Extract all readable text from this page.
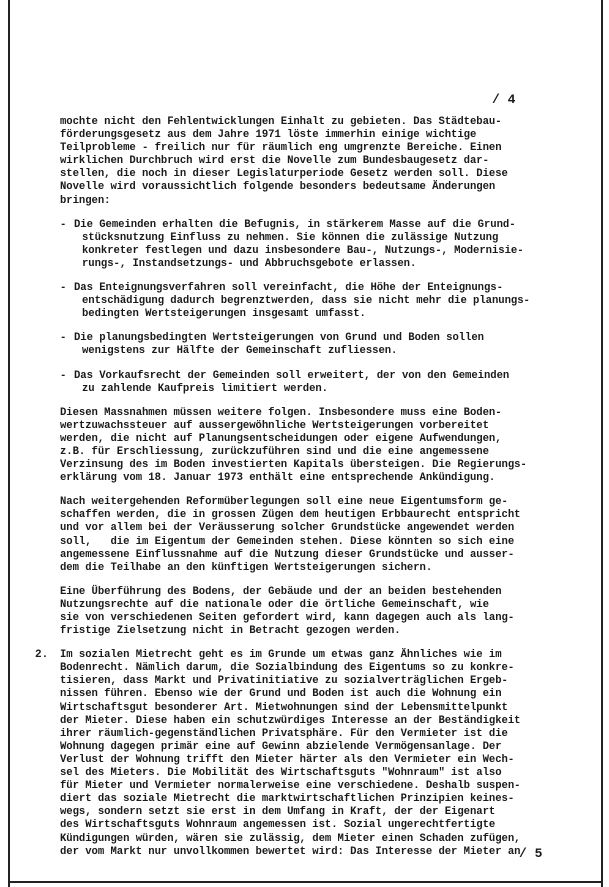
/ 4
mochte nicht den Fehlentwicklungen Einhalt zu gebieten. Das Städtebau-
förderungsgesetz aus dem Jahre 1971 löste immerhin einige wichtige
Teilprobleme - freilich nur für räumlich eng umgrenzte Bereiche. Einen
wirklichen Durchbruch wird erst die Novelle zum Bundesbaugesetz dar-
stellen, die noch in dieser Legislaturperiode Gesetz werden soll. Diese
Novelle wird voraussichtlich folgende besonders bedeutsame Änderungen
bringen:
- Die Gemeinden erhalten die Befugnis, in stärkerem Masse auf die Grund-
stücksnutzung Einfluss zu nehmen. Sie können die zulässige Nutzung
konkreter festlegen und dazu insbesondere Bau-, Nutzungs-, Modernisie-
rungs-, Instandsetzungs- und Abbruchsgebote erlassen.
- Das Enteignungsverfahren soll vereinfacht, die Höhe der Enteignungs-
entschädigung dadurch begrenztwerden, dass sie nicht mehr die planungs-
bedingten Wertsteigerungen insgesamt umfasst.
- Die planungsbedingten Wertsteigerungen von Grund und Boden sollen
wenigstens zur Hälfte der Gemeinschaft zufliessen.
- Das Vorkaufsrecht der Gemeinden soll erweitert, der von den Gemeinden
zu zahlende Kaufpreis limitiert werden.
Diesen Massnahmen müssen weitere folgen. Insbesondere muss eine Boden-
wertzuwachssteuer auf aussergewöhnliche Wertsteigerungen vorbereitet
werden, die nicht auf Planungsentscheidungen oder eigene Aufwendungen,
z.B. für Erschliessung, zurückzuführen sind und die eine angemessene
Verzinsung des im Boden investierten Kapitals übersteigen. Die Regierungs-
erklärung vom 18. Januar 1973 enthält eine entsprechende Ankündigung.
Nach weitergehenden Reformüberlegungen soll eine neue Eigentumsform ge-
schaffen werden, die in grossen Zügen dem heutigen Erbbaurecht entspricht
und vor allem bei der Veräusserung solcher Grundstücke angewendet werden
soll,   die im Eigentum der Gemeinden stehen. Diese könnten so sich eine
angemessene Einflussnahme auf die Nutzung dieser Grundstücke und ausser-
dem die Teilhabe an den künftigen Wertsteigerungen sichern.
Eine Überführung des Bodens, der Gebäude und der an beiden bestehenden
Nutzungsrechte auf die nationale oder die örtliche Gemeinschaft, wie
sie von verschiedenen Seiten gefordert wird, kann dagegen auch als lang-
fristige Zielsetzung nicht in Betracht gezogen werden.
2. Im sozialen Mietrecht geht es im Grunde um etwas ganz Ähnliches wie im
Bodenrecht. Nämlich darum, die Sozialbindung des Eigentums so zu konkre-
tisieren, dass Markt und Privatinitiative zu sozialverträglichen Ergeb-
nissen führen. Ebenso wie der Grund und Boden ist auch die Wohnung ein
Wirtschaftsgut besonderer Art. Mietwohnungen sind der Lebensmittelpunkt
der Mieter. Diese haben ein schutzwürdiges Interesse an der Beständigkeit
ihrer räumlich-gegenständlichen Privatsphäre. Für den Vermieter ist die
Wohnung dagegen primär eine auf Gewinn abzielende Vermögensanlage. Der
Verlust der Wohnung trifft den Mieter härter als den Vermieter ein Wech-
sel des Mieters. Die Mobilität des Wirtschaftsguts "Wohnraum" ist also
für Mieter und Vermieter normalerweise eine verschiedene. Deshalb suspen-
diert das soziale Mietrecht die marktwirtschaftlichen Prinzipien keines-
wegs, sondern setzt sie erst in dem Umfang in Kraft, der der Eigenart
des Wirtschaftsguts Wohnraum angemessen ist. Sozial ungerechtfertigte
Kündigungen würden, wären sie zulässig, dem Mieter einen Schaden zufügen,
der vom Markt nur unvollkommen bewertet wird: Das Interesse der Mieter an
/ 5
